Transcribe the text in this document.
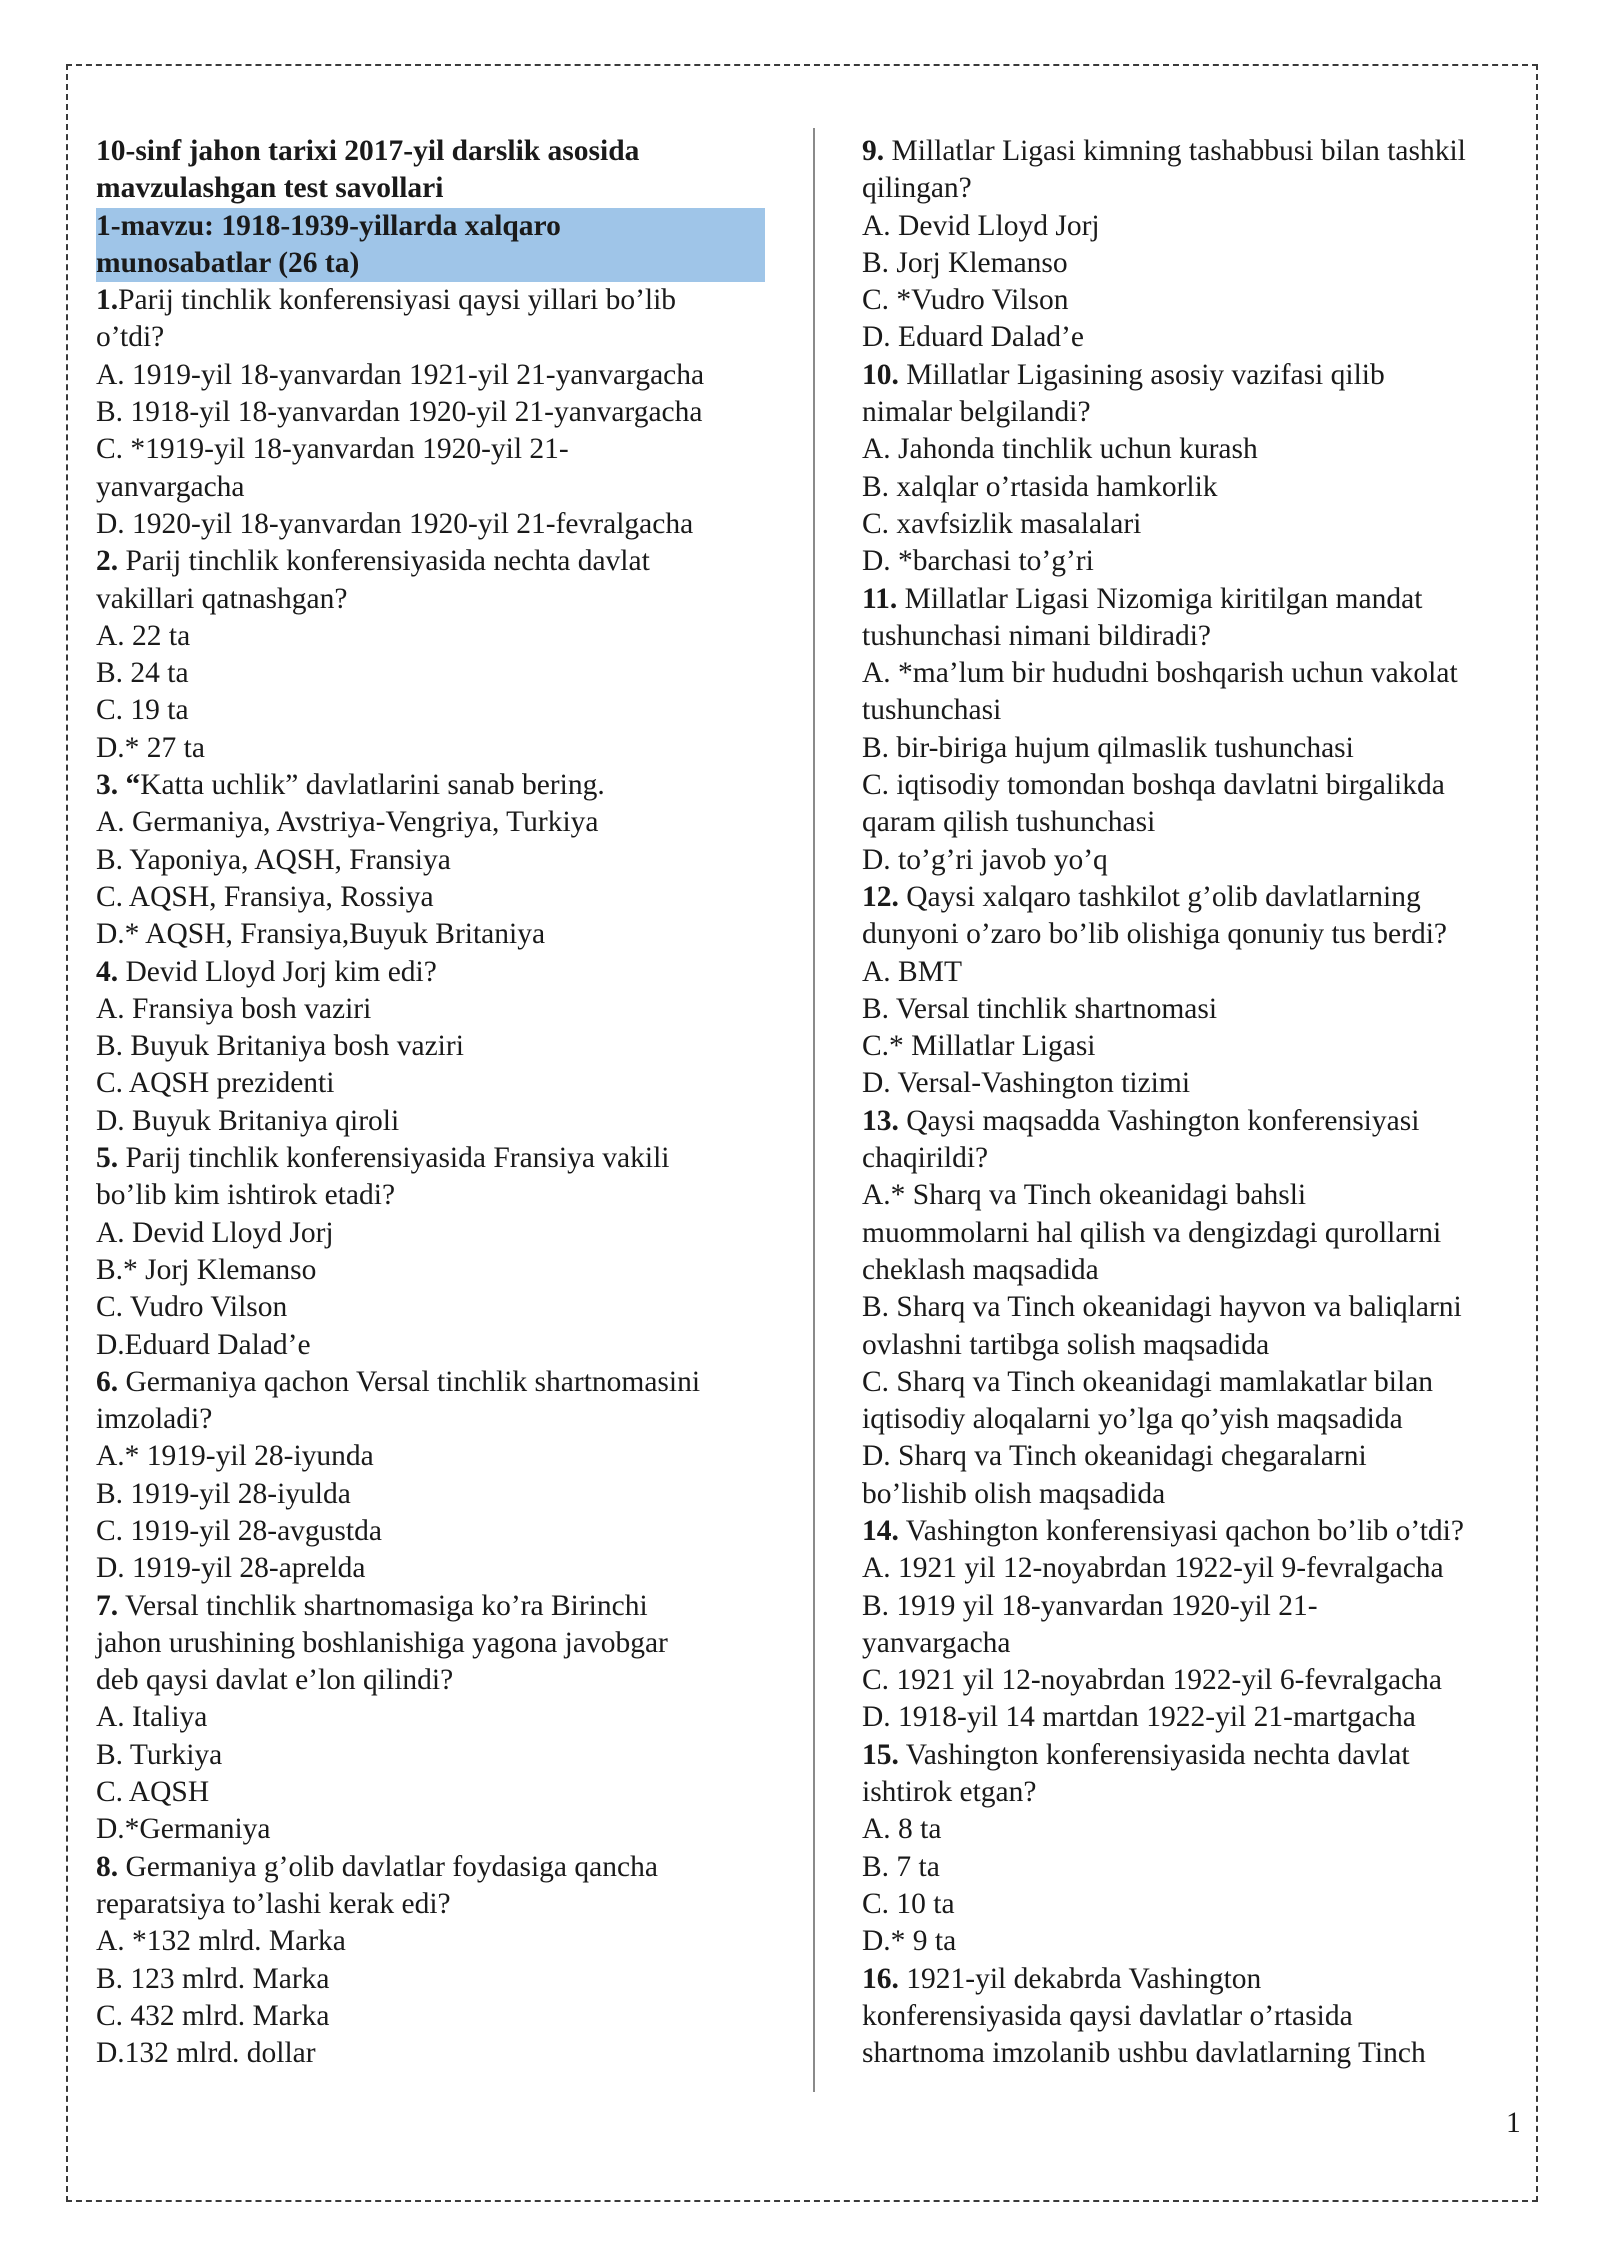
10-sinf jahon tarixi 2017-yil darslik asosida
mavzulashgan test savollari
1-mavzu: 1918-1939-yillarda xalqaro
munosabatlar (26 ta)
1.Parij tinchlik konferensiyasi qaysi yillari bo’lib
o’tdi?
A. 1919-yil 18-yanvardan 1921-yil 21-yanvargacha
B. 1918-yil 18-yanvardan 1920-yil 21-yanvargacha
C. *1919-yil 18-yanvardan 1920-yil 21-
yanvargacha
D. 1920-yil 18-yanvardan 1920-yil 21-fevralgacha
2. Parij tinchlik konferensiyasida nechta davlat
vakillari qatnashgan?
A. 22 ta
B. 24 ta
C. 19 ta
D.* 27 ta
3. “Katta uchlik” davlatlarini sanab bering.
A. Germaniya, Avstriya-Vengriya, Turkiya
B. Yaponiya, AQSH, Fransiya
C. AQSH, Fransiya, Rossiya
D.* AQSH, Fransiya,Buyuk Britaniya
4. Devid Lloyd Jorj kim edi?
A. Fransiya bosh vaziri
B. Buyuk Britaniya bosh vaziri
C. AQSH prezidenti
D. Buyuk Britaniya qiroli
5. Parij tinchlik konferensiyasida Fransiya vakili
bo’lib kim ishtirok etadi?
A. Devid Lloyd Jorj
B.* Jorj Klemanso
C. Vudro Vilson
D.Eduard Dalad’e
6. Germaniya qachon Versal tinchlik shartnomasini
imzoladi?
A.* 1919-yil 28-iyunda
B. 1919-yil 28-iyulda
C. 1919-yil 28-avgustda
D. 1919-yil 28-aprelda
7. Versal tinchlik shartnomasiga ko’ra Birinchi
jahon urushining boshlanishiga yagona javobgar
deb qaysi davlat e’lon qilindi?
A. Italiya
B. Turkiya
C. AQSH
D.*Germaniya
8. Germaniya g’olib davlatlar foydasiga qancha
reparatsiya to’lashi kerak edi?
A. *132 mlrd. Marka
B. 123 mlrd. Marka
C. 432 mlrd. Marka
D.132 mlrd. dollar
9. Millatlar Ligasi kimning tashabbusi bilan tashkil
qilingan?
A. Devid Lloyd Jorj
B. Jorj Klemanso
C. *Vudro Vilson
D. Eduard Dalad’e
10. Millatlar Ligasining asosiy vazifasi qilib
nimalar belgilandi?
A. Jahonda tinchlik uchun kurash
B. xalqlar o’rtasida hamkorlik
C. xavfsizlik masalalari
D. *barchasi to’g’ri
11. Millatlar Ligasi Nizomiga kiritilgan mandat
tushunchasi nimani bildiradi?
A. *ma’lum bir hududni boshqarish uchun vakolat
tushunchasi
B. bir-biriga hujum qilmaslik tushunchasi
C. iqtisodiy tomondan boshqa davlatni birgalikda
qaram qilish tushunchasi
D. to’g’ri javob yo’q
12. Qaysi xalqaro tashkilot g’olib davlatlarning
dunyoni o’zaro bo’lib olishiga qonuniy tus berdi?
A. BMT
B. Versal tinchlik shartnomasi
C.* Millatlar Ligasi
D. Versal-Vashington tizimi
13. Qaysi maqsadda Vashington konferensiyasi
chaqirildi?
A.* Sharq va Tinch okeanidagi bahsli
muommolarni hal qilish va dengizdagi qurollarni
cheklash maqsadida
B. Sharq va Tinch okeanidagi hayvon va baliqlarni
ovlashni tartibga solish maqsadida
C. Sharq va Tinch okeanidagi mamlakatlar bilan
iqtisodiy aloqalarni yo’lga qo’yish maqsadida
D. Sharq va Tinch okeanidagi chegaralarni
bo’lishib olish maqsadida
14. Vashington konferensiyasi qachon bo’lib o’tdi?
A. 1921 yil 12-noyabrdan 1922-yil 9-fevralgacha
B. 1919 yil 18-yanvardan 1920-yil 21-
yanvargacha
C. 1921 yil 12-noyabrdan 1922-yil 6-fevralgacha
D. 1918-yil 14 martdan 1922-yil 21-martgacha
15. Vashington konferensiyasida nechta davlat
ishtirok etgan?
A. 8 ta
B. 7 ta
C. 10 ta
D.* 9 ta
16. 1921-yil dekabrda Vashington
konferensiyasida qaysi davlatlar o’rtasida
shartnoma imzolanib ushbu davlatlarning Tinch
1
